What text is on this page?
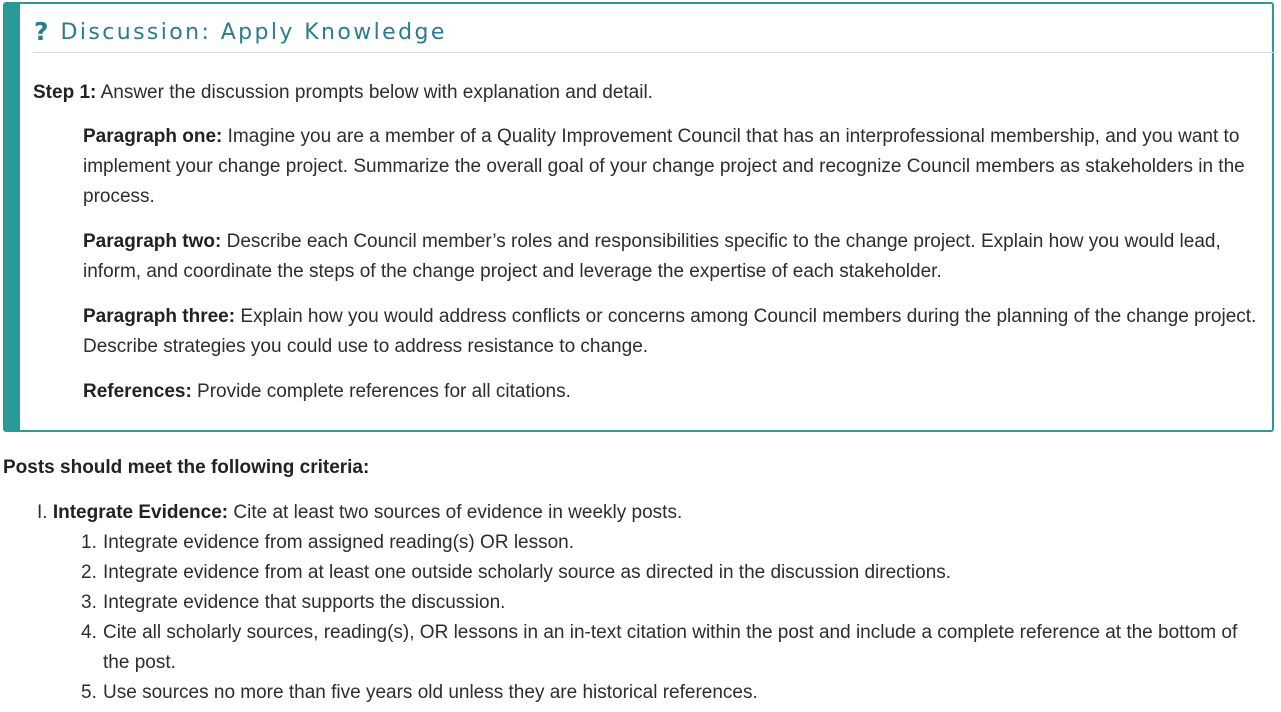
? Discussion: Apply Knowledge
Step 1: Answer the discussion prompts below with explanation and detail.
Paragraph one: Imagine you are a member of a Quality Improvement Council that has an interprofessional membership, and you want to implement your change project. Summarize the overall goal of your change project and recognize Council members as stakeholders in the process.
Paragraph two: Describe each Council member’s roles and responsibilities specific to the change project. Explain how you would lead, inform, and coordinate the steps of the change project and leverage the expertise of each stakeholder.
Paragraph three: Explain how you would address conflicts or concerns among Council members during the planning of the change project. Describe strategies you could use to address resistance to change.
References: Provide complete references for all citations.
Posts should meet the following criteria:
I. Integrate Evidence: Cite at least two sources of evidence in weekly posts.
1. Integrate evidence from assigned reading(s) OR lesson.
2. Integrate evidence from at least one outside scholarly source as directed in the discussion directions.
3. Integrate evidence that supports the discussion.
4. Cite all scholarly sources, reading(s), OR lessons in an in-text citation within the post and include a complete reference at the bottom of the post.
5. Use sources no more than five years old unless they are historical references.
